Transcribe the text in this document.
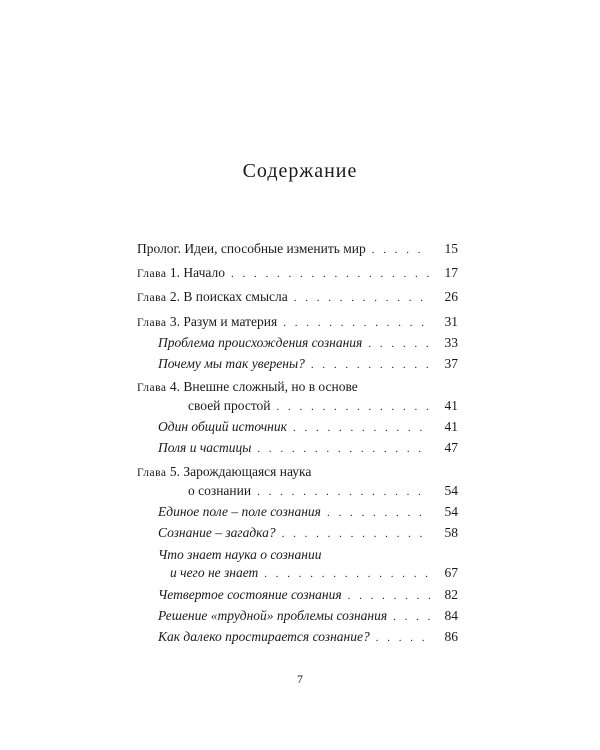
Содержание
Пролог. Идеи, способные изменить мир . . .	15
Глава 1. Начало . . .	17
Глава 2. В поисках смысла . . .	26
Глава 3. Разум и материя . . .	31
Проблема происхождения сознания . . .	33
Почему мы так уверены? . . .	37
Глава 4. Внешне сложный, но в основе
своей простой . . .	41
Один общий источник . . .	41
Поля и частицы . . .	47
Глава 5. Зарождающаяся наука
о сознании . . .	54
Единое поле – поле сознания . . .	54
Сознание – загадка? . . .	58
Что знает наука о сознании
и чего не знает . . .	67
Четвертое состояние сознания . . .	82
Решение «трудной» проблемы сознания . . .	84
Как далеко простирается сознание? . . .	86
7
